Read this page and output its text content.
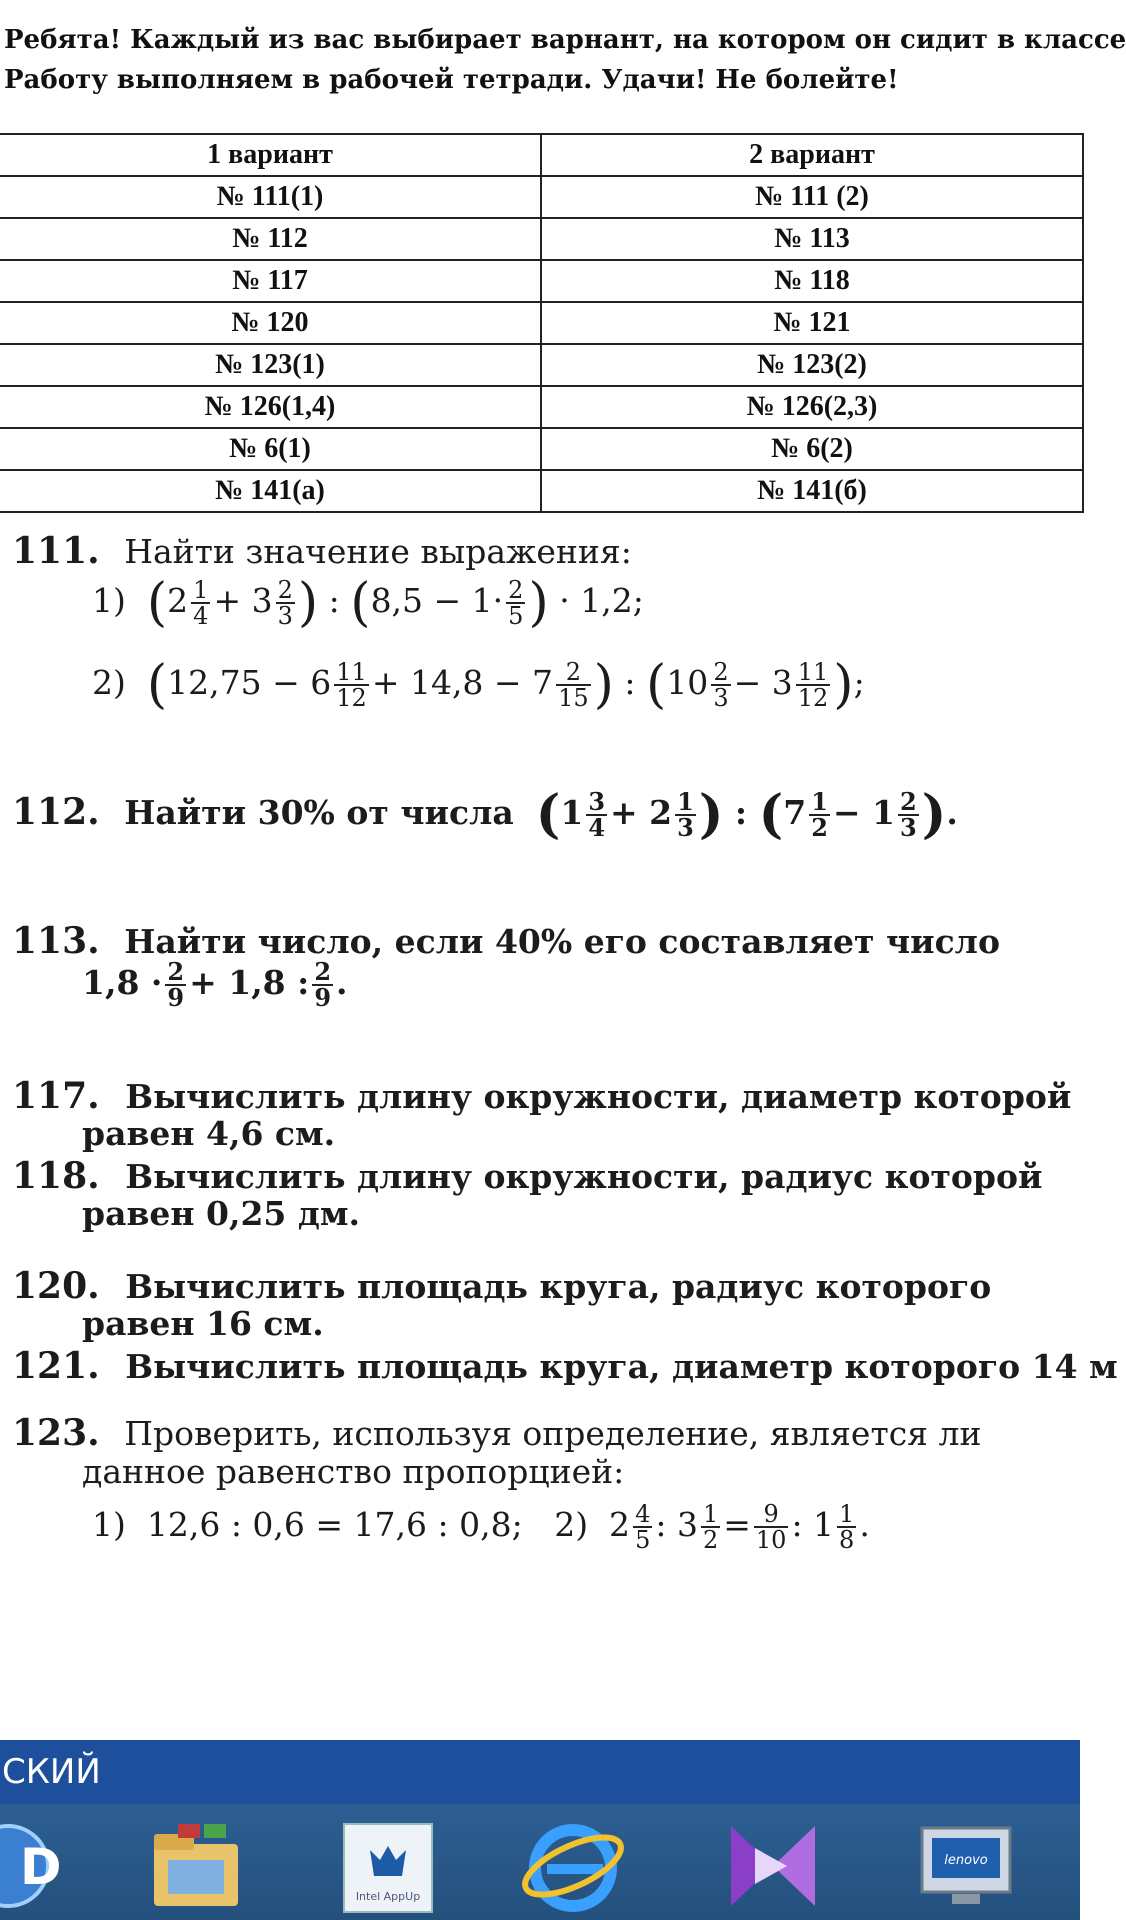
Ребята! Каждый из вас выбирает варнант, на котором он сидит в классе
Работу выполняем в рабочей тетради. Удачи! Не болейте!
1 вариант	2 вариант
№ 111(1)	№ 111 (2)
№ 112	№ 113
№ 117	№ 118
№ 120	№ 121
№ 123(1)	№ 123(2)
№ 126(1,4)	№ 126(2,3)
№ 6(1)	№ 6(2)
№ 141(а)	№ 141(б)
111. Найти значение выражения:
1) ($2 \frac{1}{4} + 3 \frac{2}{3}$ ) : ($8,5 - 1\cdot \frac{2}{5}$ ) · 1,2;
2) ($12,75 - 6 \frac{11}{12} + 14,8 - 7 \frac{2}{15}$ ) : ($10 \frac{2}{3} - 3 \frac{11}{12}$ );
112. Найти 30% от числа ($1 \frac{3}{4} + 2 \frac{1}{3}$ ) : ($7 \frac{1}{2} - 1 \frac{2}{3}$ ).
113. Найти число, если 40% его составляет число
$1,8 \cdot \frac{2}{9} + 1,8$ : $\frac{2}{9}$ .
117. Вычислить длину окружности, диаметр которой
равен 4,6 см.
118. Вычислить длину окружности, радиус которой
равен 0,25 дм.
120. Вычислить площадь круга, радиус которого
равен 16 см.
121. Вычислить площадь круга, диаметр которого 14 м
123. Проверить, используя определение, является ли
данное равенство пропорцией:
1) 12,6 : 0,6 = 17,6 : 0,8; 2)  $2 \frac{4}{5}$ : $3 \frac{1}{2} = \frac{9}{10}$ : $1 \frac{1}{8}$ .
СКИЙ
D
Intel AppUp
lenovo
